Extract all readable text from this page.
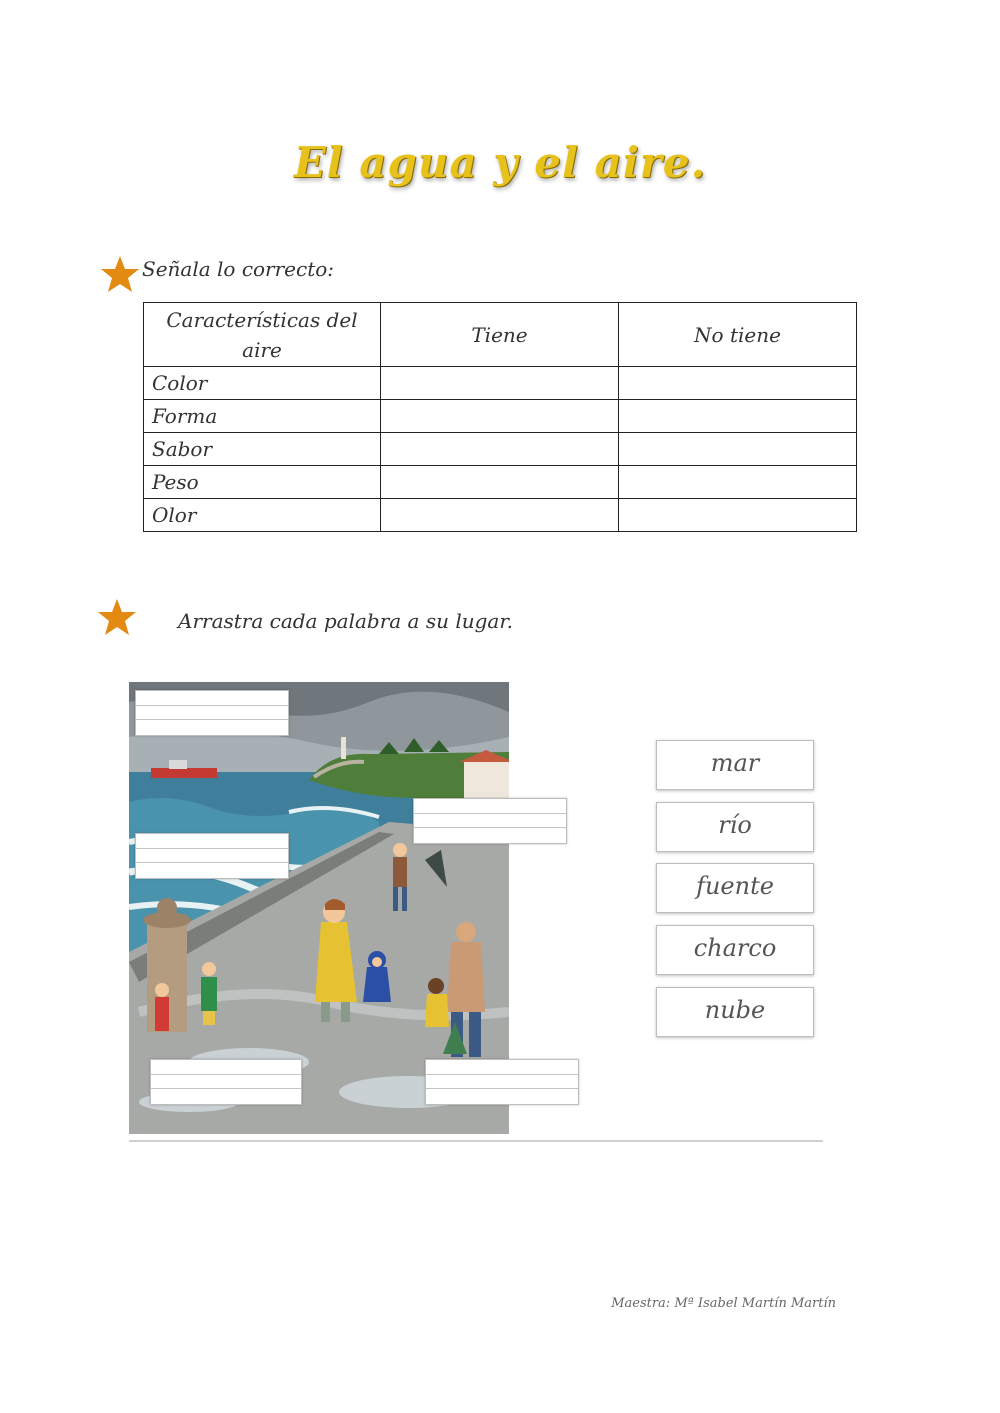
El agua y el aire.
Señala lo correcto:
Características del aire	Tiene	No tiene
Color		
Forma		
Sabor		
Peso		
Olor		
Arrastra cada palabra a su lugar.
mar
río
fuente
charco
nube
Maestra: Mª Isabel Martín Martín
